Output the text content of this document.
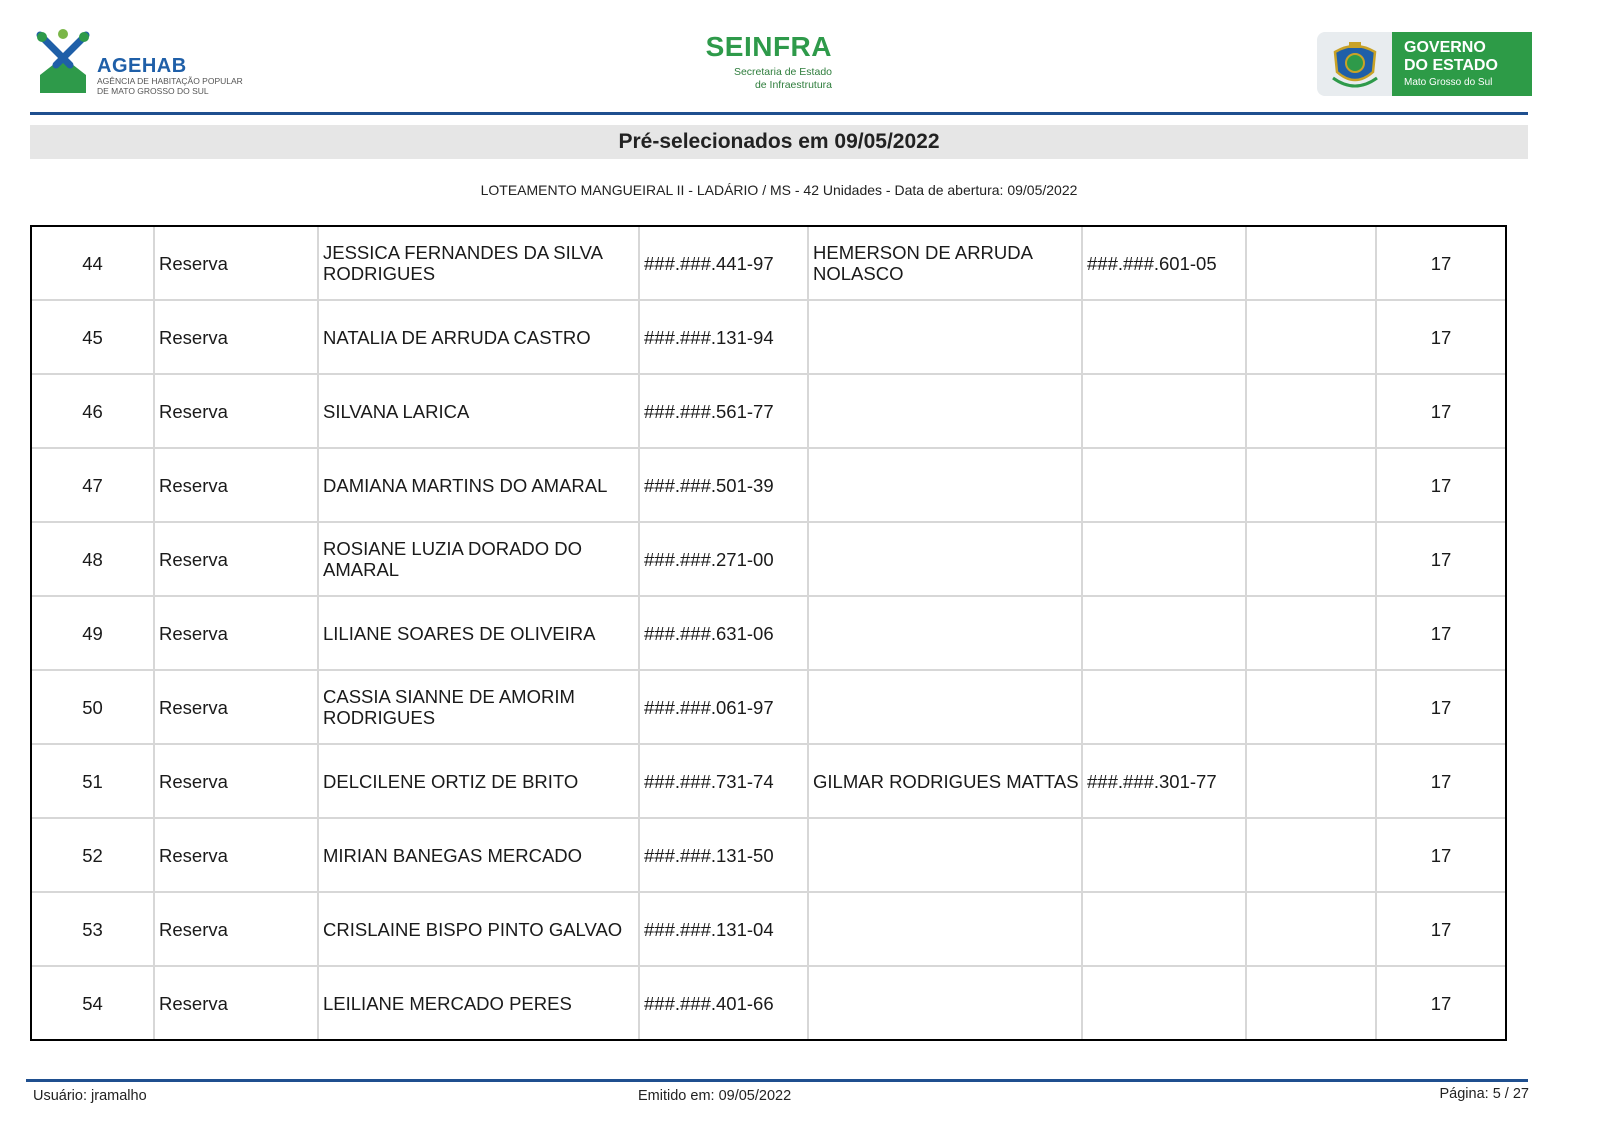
AGEHAB
AGÊNCIA DE HABITAÇÃO POPULAR
DE MATO GROSSO DO SUL
SEINFRA
Secretaria de Estado
de Infraestrutura
GOVERNO
DO ESTADO
Mato Grosso do Sul
Pré-selecionados em 09/05/2022
LOTEAMENTO MANGUEIRAL II - LADÁRIO / MS - 42 Unidades - Data de abertura: 09/05/2022
44	Reserva	JESSICA FERNANDES DA SILVA RODRIGUES	###.###.441-97	HEMERSON DE ARRUDA NOLASCO	###.###.601-05	17
45	Reserva	NATALIA DE ARRUDA CASTRO	###.###.131-94	17
46	Reserva	SILVANA LARICA	###.###.561-77	17
47	Reserva	DAMIANA MARTINS DO AMARAL	###.###.501-39	17
48	Reserva	ROSIANE LUZIA DORADO DO AMARAL	###.###.271-00	17
49	Reserva	LILIANE SOARES DE OLIVEIRA	###.###.631-06	17
50	Reserva	CASSIA SIANNE DE AMORIM RODRIGUES	###.###.061-97	17
51	Reserva	DELCILENE ORTIZ DE BRITO	###.###.731-74	GILMAR RODRIGUES MATTAS ###.###.301-77	17
52	Reserva	MIRIAN BANEGAS MERCADO	###.###.131-50	17
53	Reserva	CRISLAINE BISPO PINTO GALVAO	###.###.131-04	17
54	Reserva	LEILIANE MERCADO PERES	###.###.401-66	17
Usuário: jramalho	Emitido em: 09/05/2022	Página: 5 / 27
